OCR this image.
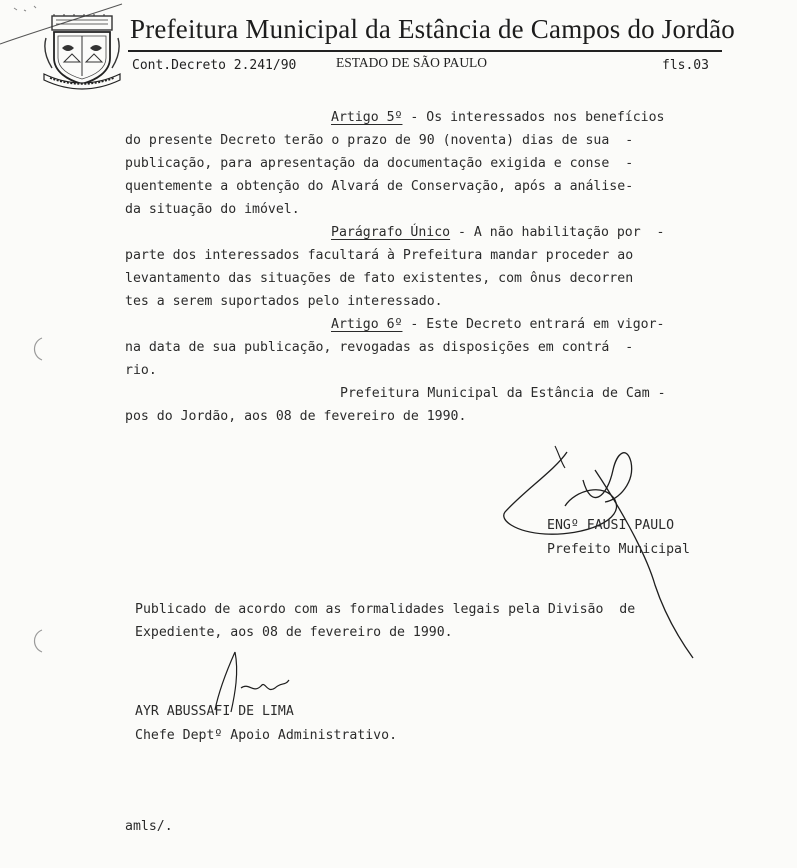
Prefeitura Municipal da Estância de Campos do Jordão
Cont.Decreto 2.241/90	ESTADO DE SÃO PAULO	fls.03
Artigo 5º - Os interessados nos benefícios
do presente Decreto terão o prazo de 90 (noventa) dias de sua  -
publicação, para apresentação da documentação exigida e conse  -
quentemente a obtenção do Alvará de Conservação, após a análise-
da situação do imóvel.
Parágrafo Único - A não habilitação por  -
parte dos interessados facultará à Prefeitura mandar proceder ao
levantamento das situações de fato existentes, com ônus decorren
tes a serem suportados pelo interessado.
Artigo 6º - Este Decreto entrará em vigor-
na data de sua publicação, revogadas as disposições em contrá  -
rio.
Prefeitura Municipal da Estância de Cam -
pos do Jordão, aos 08 de fevereiro de 1990.
ENGº FAUSI PAULO
Prefeito Municipal
Publicado de acordo com as formalidades legais pela Divisão  de
Expediente, aos 08 de fevereiro de 1990.
AYR ABUSSAFI DE LIMA
Chefe Deptº Apoio Administrativo.
amls/.
